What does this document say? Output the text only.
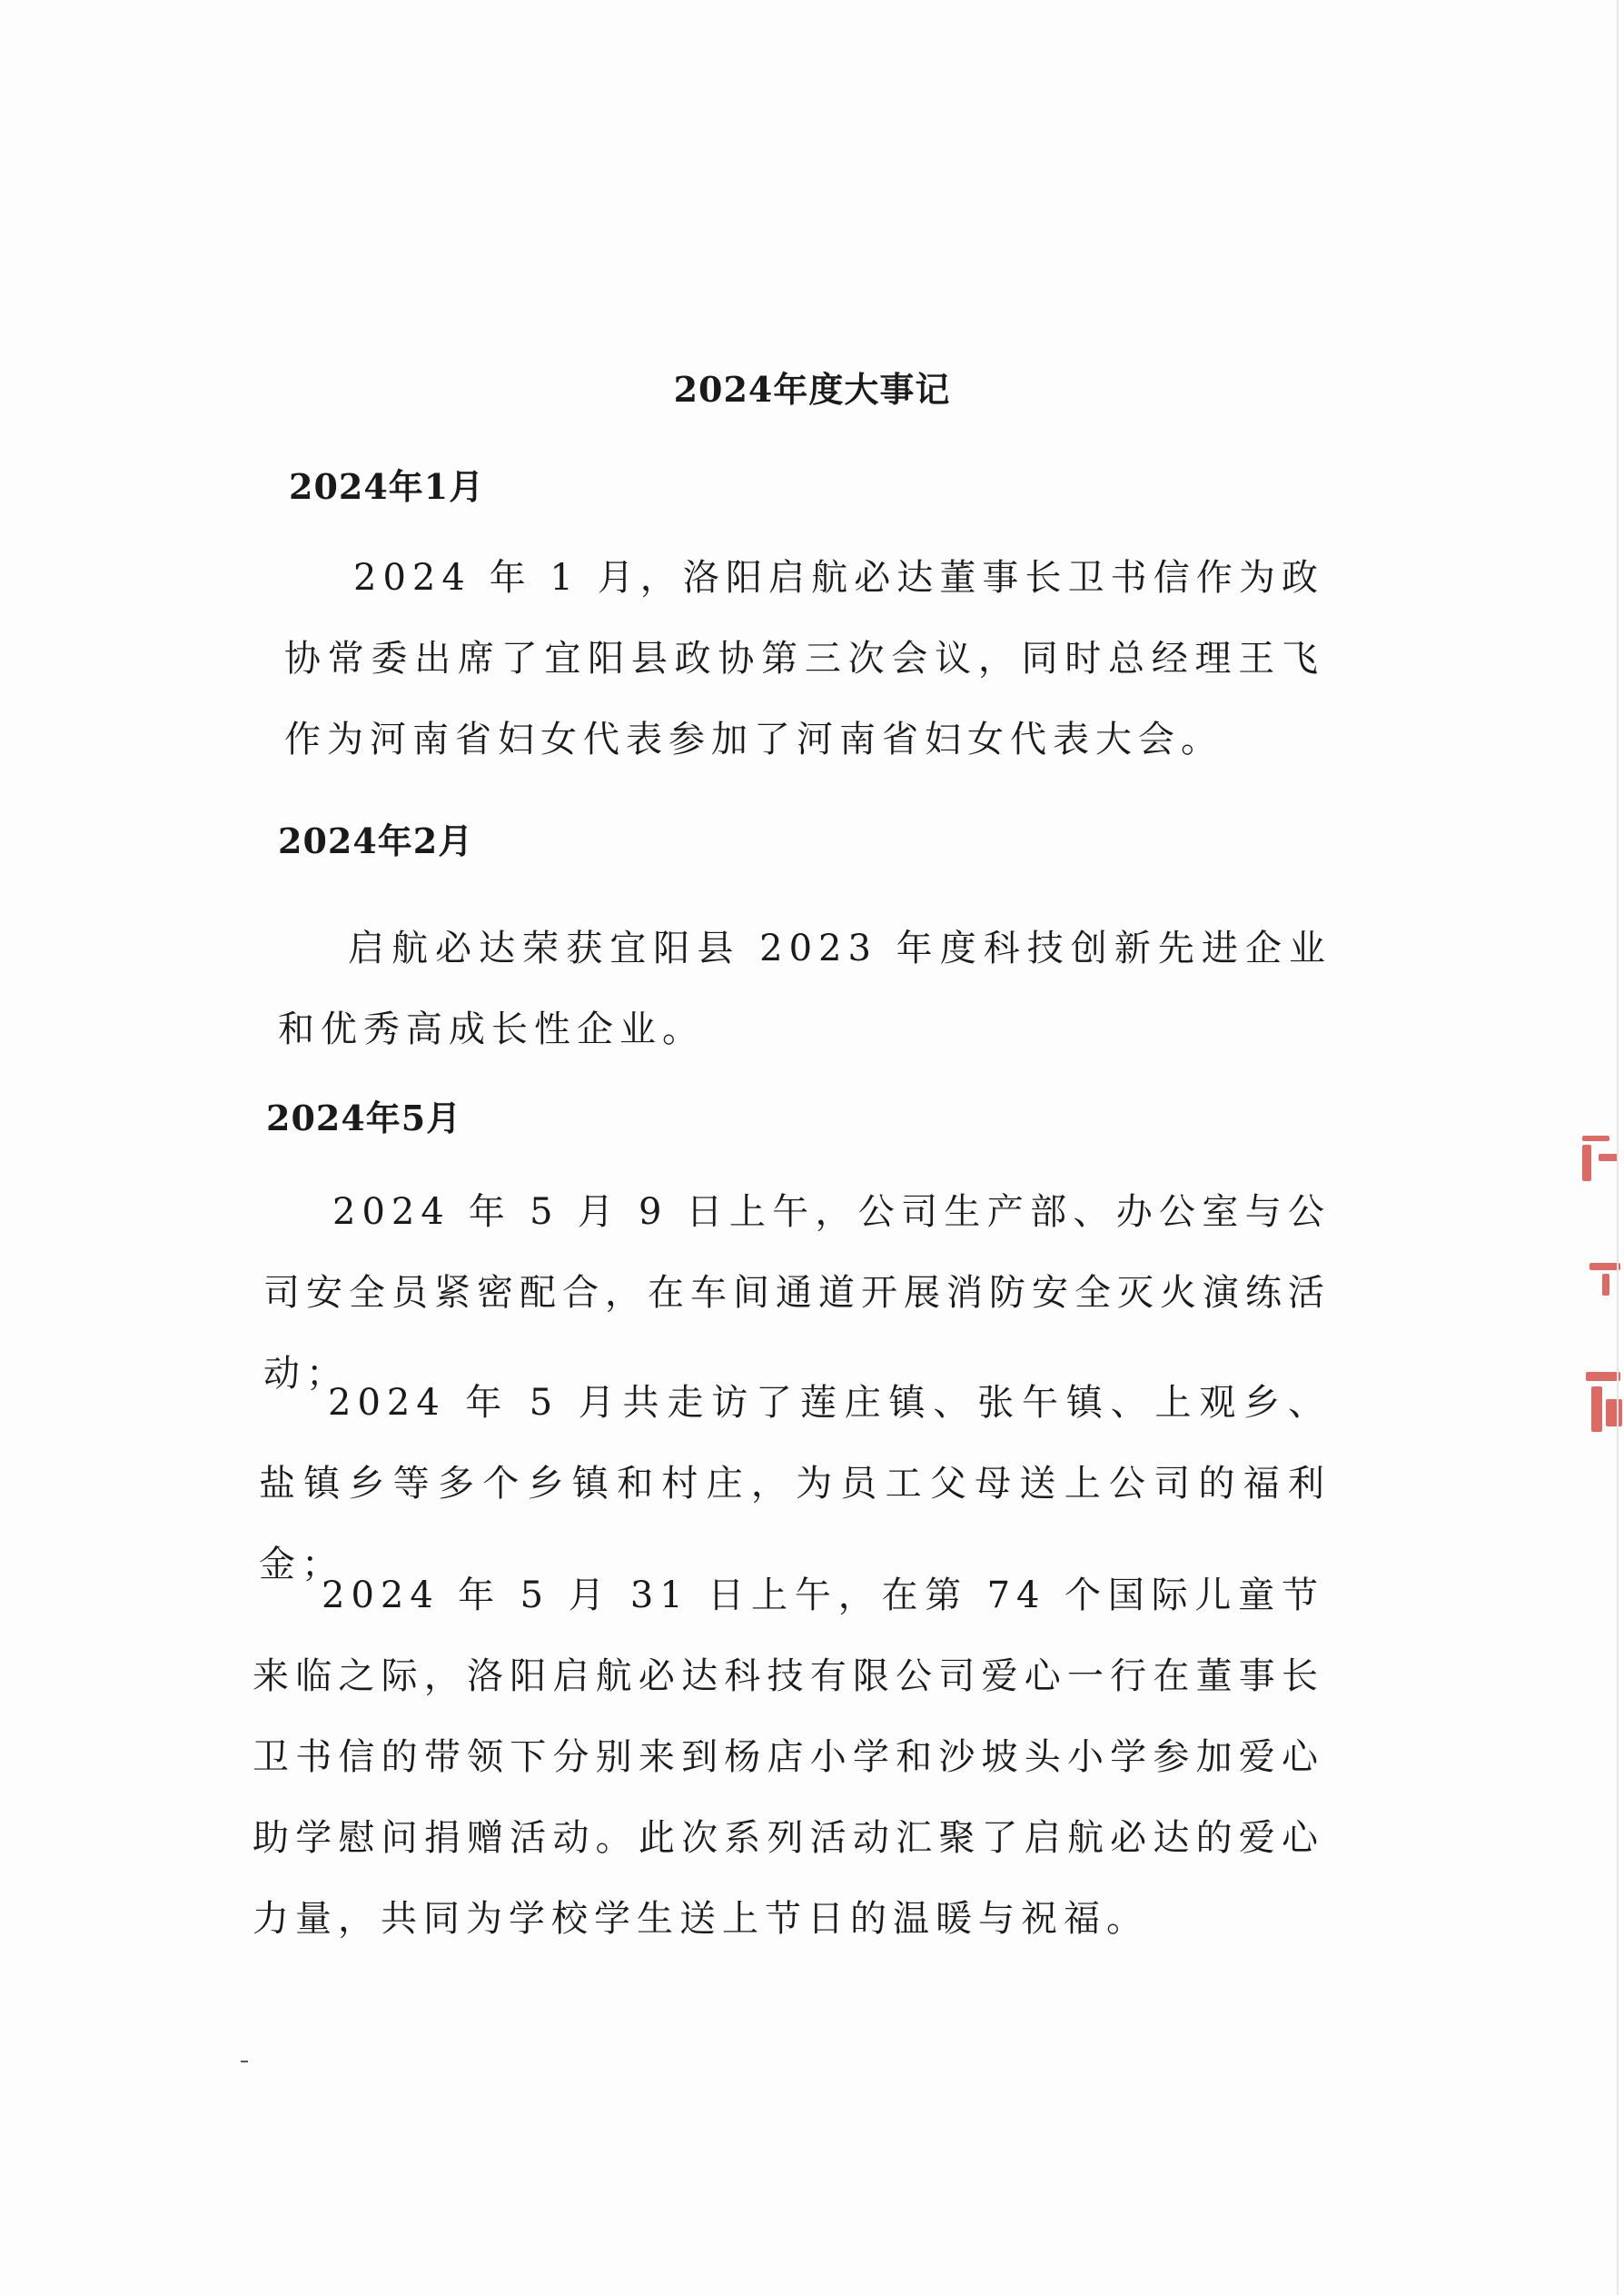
2024年度大事记
2024年1月
2024 年 1 月，洛阳启航必达董事长卫书信作为政协常委出席了宜阳县政协第三次会议，同时总经理王飞作为河南省妇女代表参加了河南省妇女代表大会。
2024年2月
启航必达荣获宜阳县 2023 年度科技创新先进企业和优秀高成长性企业。
2024年5月
2024 年 5 月 9 日上午，公司生产部、办公室与公司安全员紧密配合，在车间通道开展消防安全灭火演练活动；
2024 年 5 月共走访了莲庄镇、张午镇、上观乡、盐镇乡等多个乡镇和村庄，为员工父母送上公司的福利金；
2024 年 5 月 31 日上午，在第 74 个国际儿童节来临之际，洛阳启航必达科技有限公司爱心一行在董事长卫书信的带领下分别来到杨店小学和沙坡头小学参加爱心助学慰问捐赠活动。此次系列活动汇聚了启航必达的爱心力量，共同为学校学生送上节日的温暖与祝福。
